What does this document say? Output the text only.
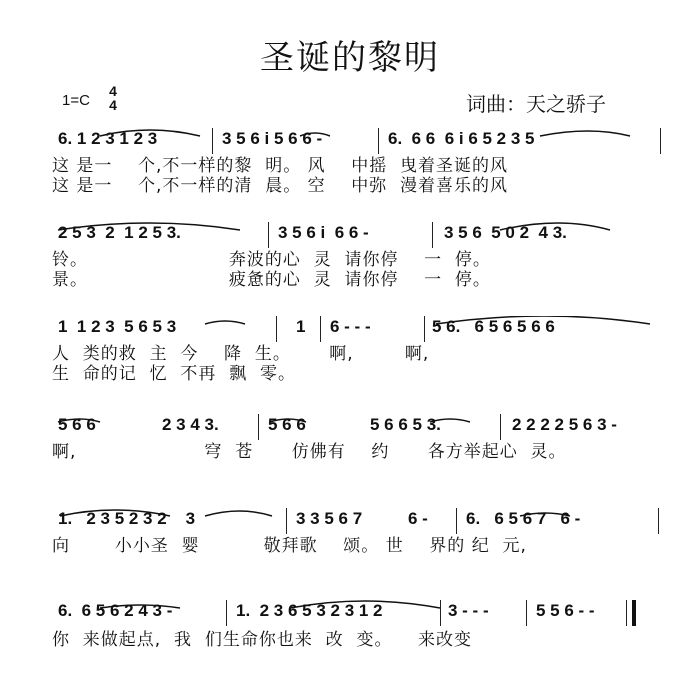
圣诞的黎明
1=C
4
4	词曲：天之骄子
6. 1 2 3 1 2 3	3 5 6 i 5 6 6 -	6.  6 6  6 i 6 5 2 3 5
这 是一    个,不一样的黎  明。 风    中摇  曳着圣诞的风
这 是一    个,不一样的清  晨。 空    中弥  漫着喜乐的风
2 5 3  2  1 2 5 3.	3 5 6 i  6 6 -	3 5 6  5 0 2  4 3.
铃。                      奔波的心  灵  请你停    一  停。
景。                      疲惫的心  灵  请你停    一  停。
1  1 2 3  5 6 5 3	1 6 - - -	5 6.   6 5 6 5 6 6
人  类的救  主  今    降  生。      啊,        啊,
生  命的记  忆  不再  飘  零。
5 6 6	2 3 4 3.	5 6 6	5 6 6 5 3.	2 2 2 2 5 6 3 -
啊,                    穹  苍      仿佛有    约      各方举起心  灵。
1.   2 3 5 2 3 2    3	3 3 5 6 7	6 - 6.   6 5 6 7   6 -
向       小小圣  婴          敬拜歌    颂。 世    界的 纪  元,
6.  6 5 6 2 4 3 -	1.  2 3 6 5 3 2 3 1 2	3 - - -	5 5 6 - -
你  来做起点,  我  们生命你也来  改  变。    来改变
